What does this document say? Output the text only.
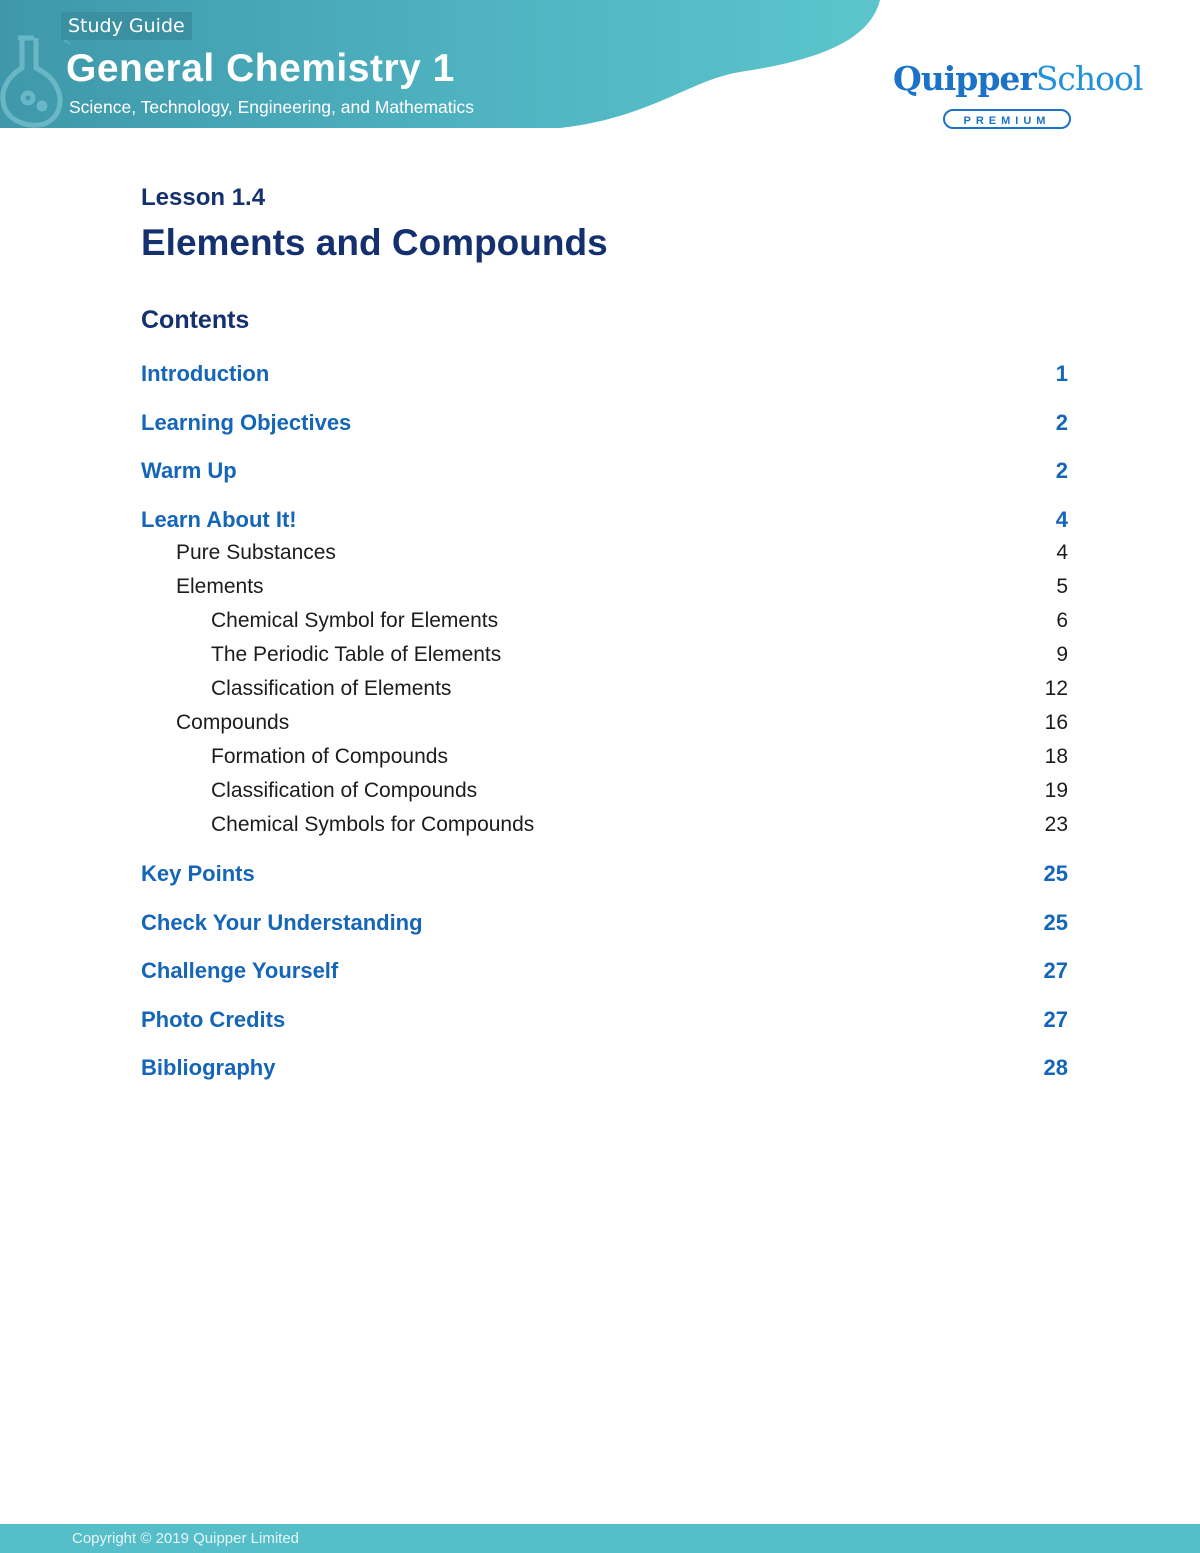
Study Guide
General Chemistry 1
Science, Technology, Engineering, and Mathematics
QuipperSchool
PREMIUM
Lesson 1.4
Elements and Compounds
Contents
Introduction	1
Learning Objectives	2
Warm Up	2
Learn About It!	4
Pure Substances	4
Elements	5
Chemical Symbol for Elements	6
The Periodic Table of Elements	9
Classification of Elements	12
Compounds	16
Formation of Compounds	18
Classification of Compounds	19
Chemical Symbols for Compounds	23
Key Points	25
Check Your Understanding	25
Challenge Yourself	27
Photo Credits	27
Bibliography	28
Copyright © 2019 Quipper Limited
